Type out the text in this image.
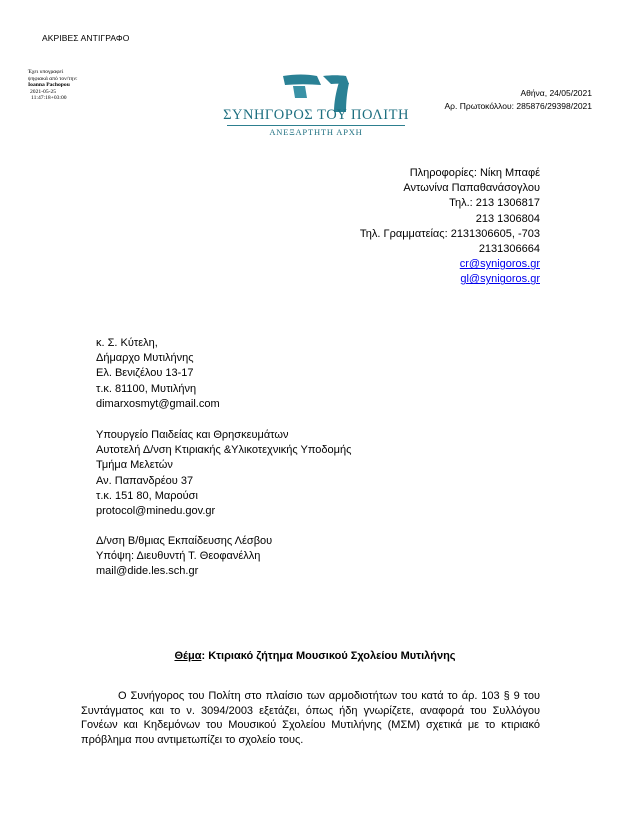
ΑΚΡΙΒΕΣ ΑΝΤΙΓΡΑΦΟ
Έχει υπογραφεί
ψηφιακά από τον/την:
Ioanna Pachopou
2021-05-25
11:47:18+03:00
ΣΥΝΗΓΟΡΟΣ ΤΟΥ ΠΟΛΙΤΗ
ΑΝΕΞΑΡΤΗΤΗ ΑΡΧΗ
Αθήνα, 24/05/2021
Αρ. Πρωτοκόλλου: 285876/29398/2021
Πληροφορίες: Νίκη Μπαφέ
Αντωνίνα Παπαθανάσογλου
Τηλ.: 213 1306817
213 1306804
Τηλ. Γραμματείας: 2131306605, -703
2131306664
cr@synigoros.gr
gl@synigoros.gr
κ. Σ. Κύτελη,
Δήμαρχο Μυτιλήνης
Ελ. Βενιζέλου 13-17
τ.κ. 81100, Μυτιλήνη
dimarxosmyt@gmail.com
Υπουργείο Παιδείας και Θρησκευμάτων
Αυτοτελή Δ/νση Κτιριακής &Υλικοτεχνικής Υποδομής
Τμήμα Μελετών
Αν. Παπανδρέου 37
τ.κ. 151 80, Μαρούσι
protocol@minedu.gov.gr
Δ/νση Β/θμιας Εκπαίδευσης Λέσβου
Υπόψη: Διευθυντή Τ. Θεοφανέλλη
mail@dide.les.sch.gr
Θέμα: Κτιριακό ζήτημα Μουσικού Σχολείου Μυτιλήνης
Ο Συνήγορος του Πολίτη στο πλαίσιο των αρμοδιοτήτων του κατά το άρ. 103 § 9 του Συντάγματος και το ν. 3094/2003 εξετάζει, όπως ήδη γνωρίζετε, αναφορά του Συλλόγου Γονέων και Κηδεμόνων του Μουσικού Σχολείου Μυτιλήνης (ΜΣΜ) σχετικά με το κτιριακό πρόβλημα που αντιμετωπίζει το σχολείο τους.
